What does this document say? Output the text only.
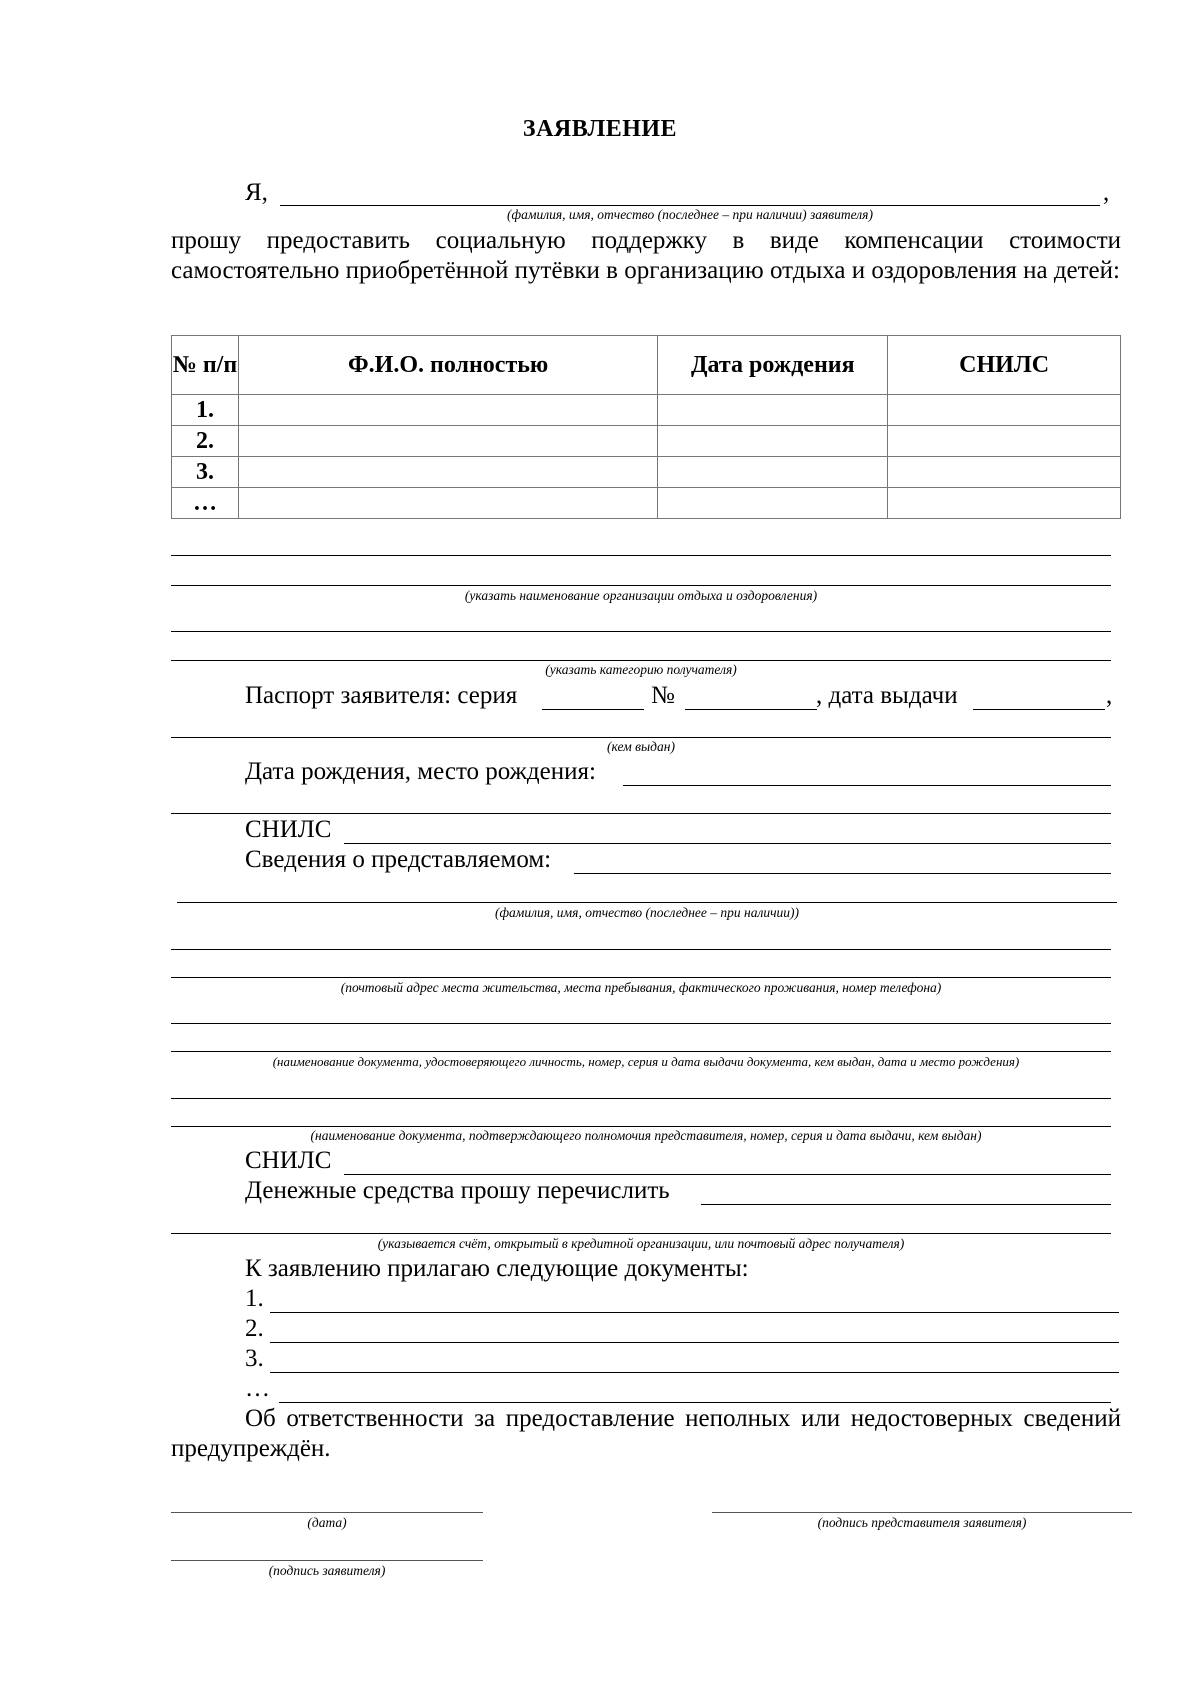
ЗАЯВЛЕНИЕ
Я,	,
(фамилия, имя, отчество (последнее – при наличии) заявителя)
прошу предоставить социальную поддержку в виде компенсации стоимости самостоятельно приобретённой путёвки в организацию отдыха и оздоровления на детей:
№ п/п	Ф.И.О. полностью	Дата рождения	СНИЛС
1.			
2.			
3.			
…			
(указать наименование организации отдыха и оздоровления)
(указать категорию получателя)
Паспорт заявителя: серия	№	, дата выдачи	,
(кем выдан)
Дата рождения, место рождения:
СНИЛС
Сведения о представляемом:
(фамилия, имя, отчество (последнее – при наличии))
(почтовый адрес места жительства, места пребывания, фактического проживания, номер телефона)
(наименование документа, удостоверяющего личность, номер, серия и дата выдачи документа, кем выдан, дата и место рождения)
(наименование документа, подтверждающего полномочия представителя, номер, серия и дата выдачи, кем выдан)
СНИЛС
Денежные средства прошу перечислить
(указывается счёт, открытый в кредитной организации, или почтовый адрес получателя)
К заявлению прилагаю следующие документы:
1.
2.
3.
…
Об ответственности за предоставление неполных или недостоверных сведений предупреждён.
(дата)	(подпись представителя заявителя)
(подпись заявителя)
